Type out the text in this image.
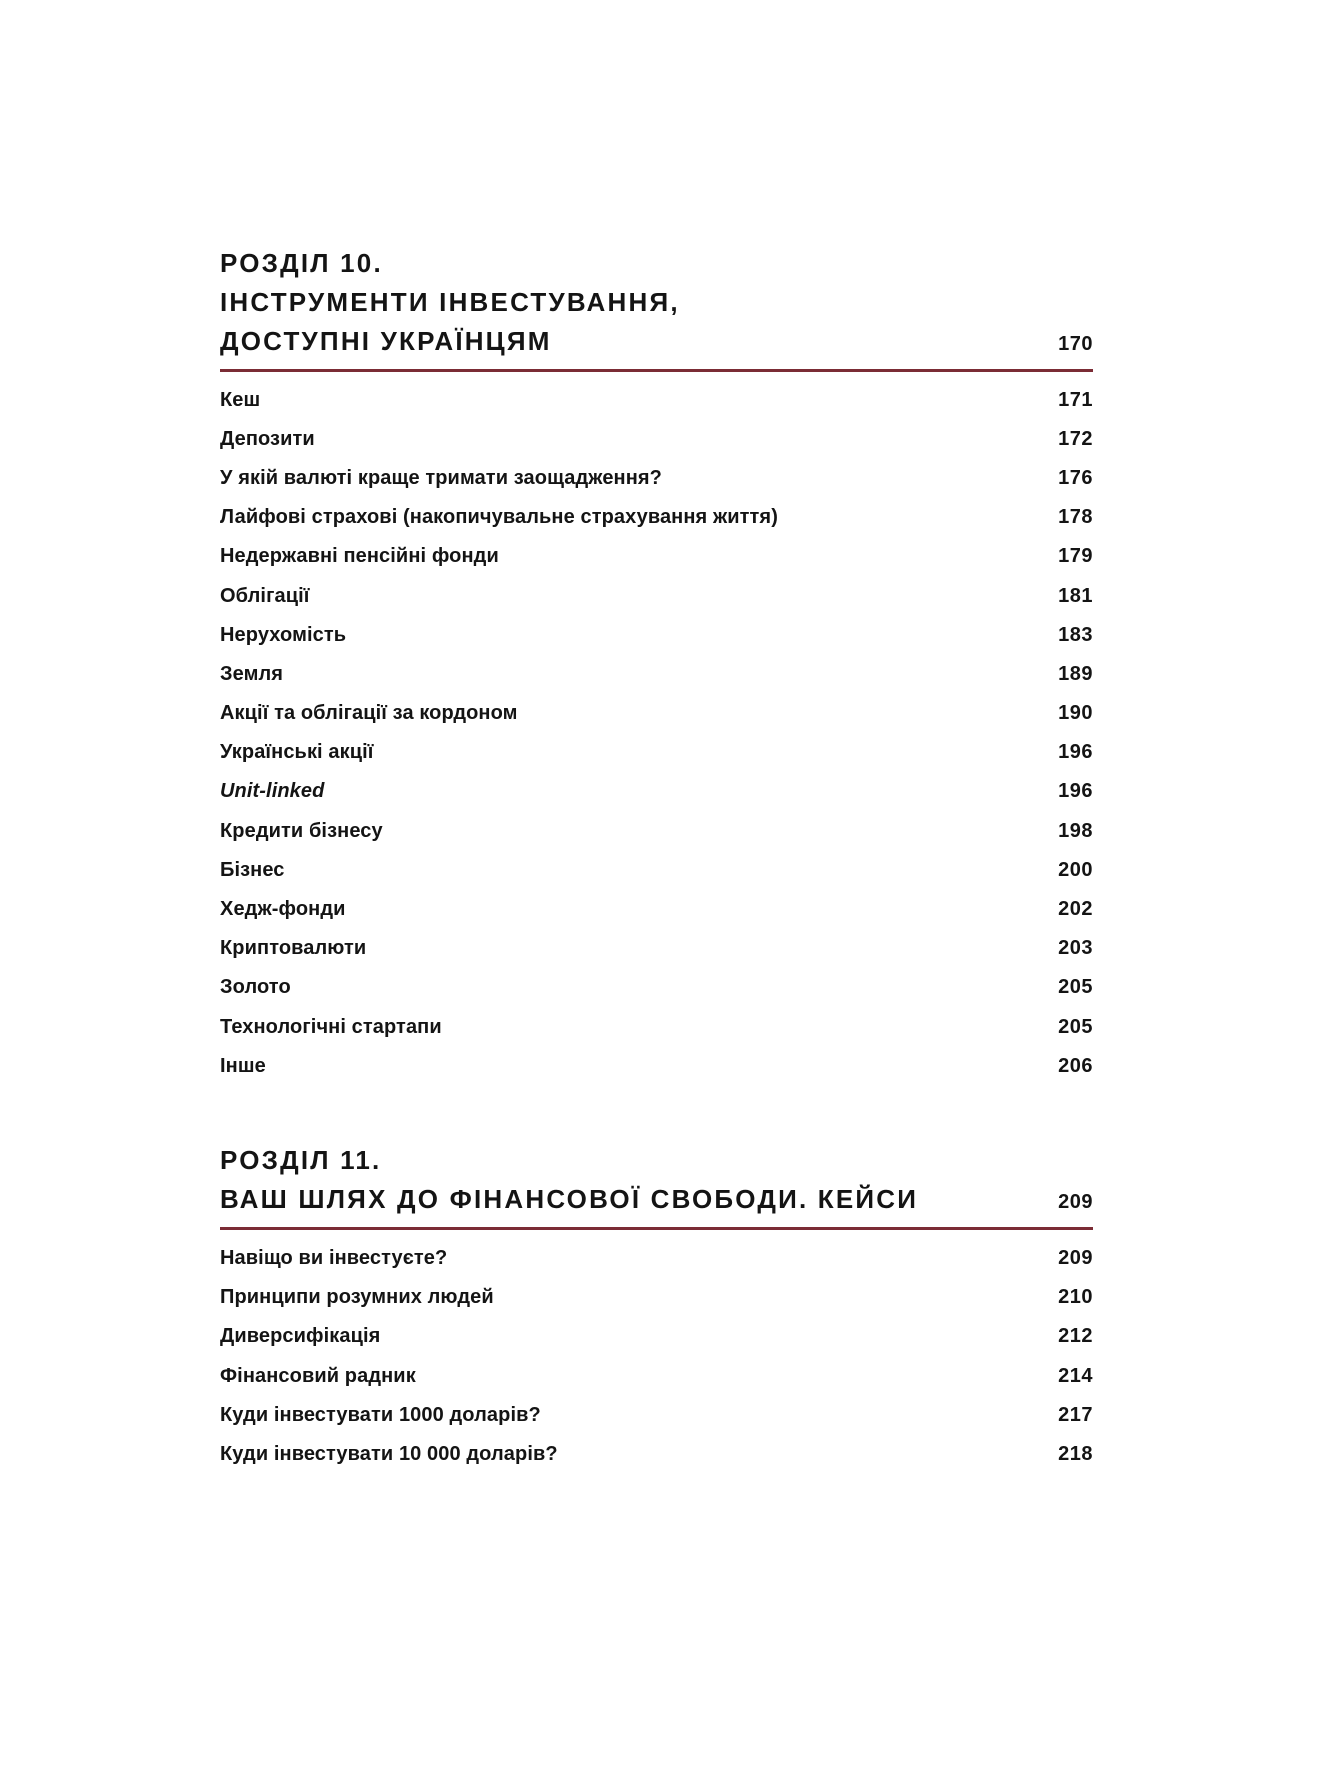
РОЗДІЛ 10.
ІНСТРУМЕНТИ ІНВЕСТУВАННЯ,
ДОСТУПНІ УКРАЇНЦЯМ	170
Кеш	171
Депозити	172
У якій валюті краще тримати заощадження?	176
Лайфові страхові (накопичувальне страхування життя)	178
Недержавні пенсійні фонди	179
Облігації	181
Нерухомість	183
Земля	189
Акції та облігації за кордоном	190
Українські акції	196
Unit-linked	196
Кредити бізнесу	198
Бізнес	200
Хедж-фонди	202
Криптовалюти	203
Золото	205
Технологічні стартапи	205
Інше	206
РОЗДІЛ 11.
ВАШ ШЛЯХ ДО ФІНАНСОВОЇ СВОБОДИ. КЕЙСИ	209
Навіщо ви інвестуєте?	209
Принципи розумних людей	210
Диверсифікація	212
Фінансовий радник	214
Куди інвестувати 1000 доларів?	217
Куди інвестувати 10 000 доларів?	218
